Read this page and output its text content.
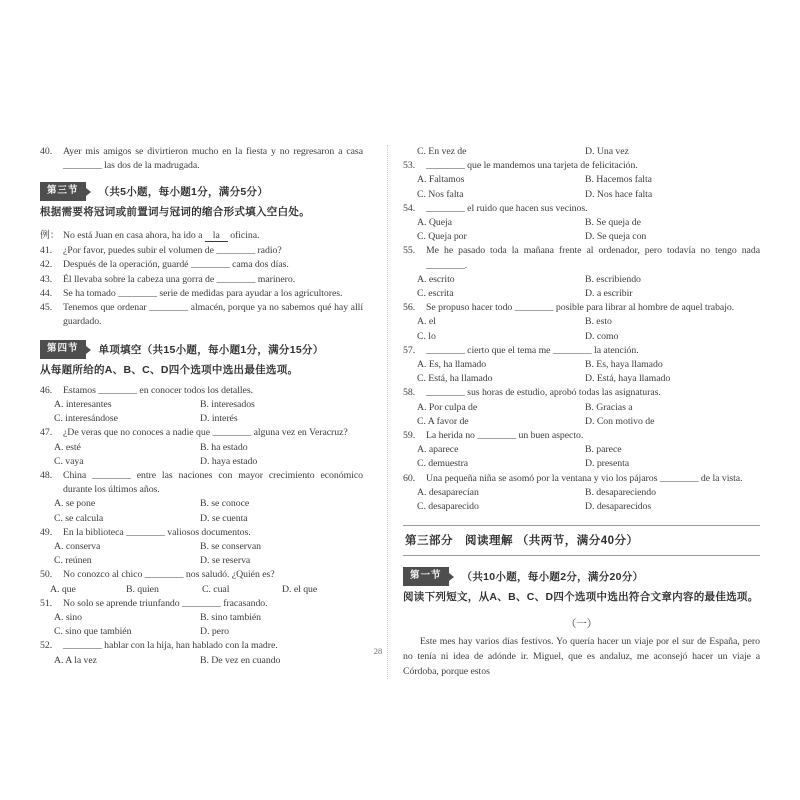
40.	Ayer mis amigos se divirtieron mucho en la fiesta y no regresaron a casa ________ las dos de la madrugada.
第三节	（共5小题，每小题1分，满分5分）
根据需要将冠词或前置词与冠词的缩合形式填入空白处。
例： No está Juan en casa ahora, ha ido a la oficina.
41.	¿Por favor, puedes subir el volumen de ________ radio?
42.	Después de la operación, guardé ________ cama dos días.
43.	Él llevaba sobre la cabeza una gorra de ________ marinero.
44.	Se ha tomado ________ serie de medidas para ayudar a los agricultores.
45.	Tenemos que ordenar ________ almacén, porque ya no sabemos qué hay allí guardado.
第四节	单项填空（共15小题，每小题1分，满分15分）
从每题所给的A、B、C、D四个选项中选出最佳选项。
46.	Estamos ________ en conocer todos los detalles.
A. interesantes	B. interesados
C. interesándose	D. interés
47.	¿De veras que no conoces a nadie que ________ alguna vez en Veracruz?
A. esté	B. ha estado
C. vaya	D. haya estado
48.	China ________ entre las naciones con mayor crecimiento económico durante los últimos años.
A. se pone	B. se conoce
C. se calcula	D. se cuenta
49.	En la biblioteca ________ valiosos documentos.
A. conserva	B. se conservan
C. reúnen	D. se reserva
50.	No conozco al chico ________ nos saludó. ¿Quién es?
A. que	B. quien	C. cual	D. el que
51.	No solo se aprende triunfando ________ fracasando.
A. sino	B. sino también
C. sino que también	D. pero
52.	________ hablar con la hija, han hablado con la madre.
A. A la vez	B. De vez en cuando
C. En vez de	D. Una vez
53.	________ que le mandemos una tarjeta de felicitación.
A. Faltamos	B. Hacemos falta
C. Nos falta	D. Nos hace falta
54.	________ el ruido que hacen sus vecinos.
A. Queja	B. Se queja de
C. Queja por	D. Se queja con
55.	Me he pasado toda la mañana frente al ordenador, pero todavía no tengo nada ________.
A. escrito	B. escribiendo
C. escrita	D. a escribir
56.	Se propuso hacer todo ________ posible para librar al hombre de aquel trabajo.
A. el	B. esto
C. lo	D. como
57.	________ cierto que el tema me ________ la atención.
A. Es, ha llamado	B. Es, haya llamado
C. Está, ha llamado	D. Está, haya llamado
58.	________ sus horas de estudio, aprobó todas las asignaturas.
A. Por culpa de	B. Gracias a
C. A favor de	D. Con motivo de
59.	La herida no ________ un buen aspecto.
A. aparece	B. parece
C. demuestra	D. presenta
60.	Una pequeña niña se asomó por la ventana y vio los pájaros ________ de la vista.
A. desaparecían	B. desapareciendo
C. desaparecido	D. desaparecidos
第三部分　阅读理解 （共两节，满分40分）
第一节	（共10小题，每小题2分，满分20分）
阅读下列短文，从A、B、C、D四个选项中选出符合文章内容的最佳选项。
（一）
Este mes hay varios días festivos. Yo quería hacer un viaje por el sur de España, pero no tenía ni idea de adónde ir. Miguel, que es andaluz, me aconsejó hacer un viaje a Córdoba, porque estos
28
